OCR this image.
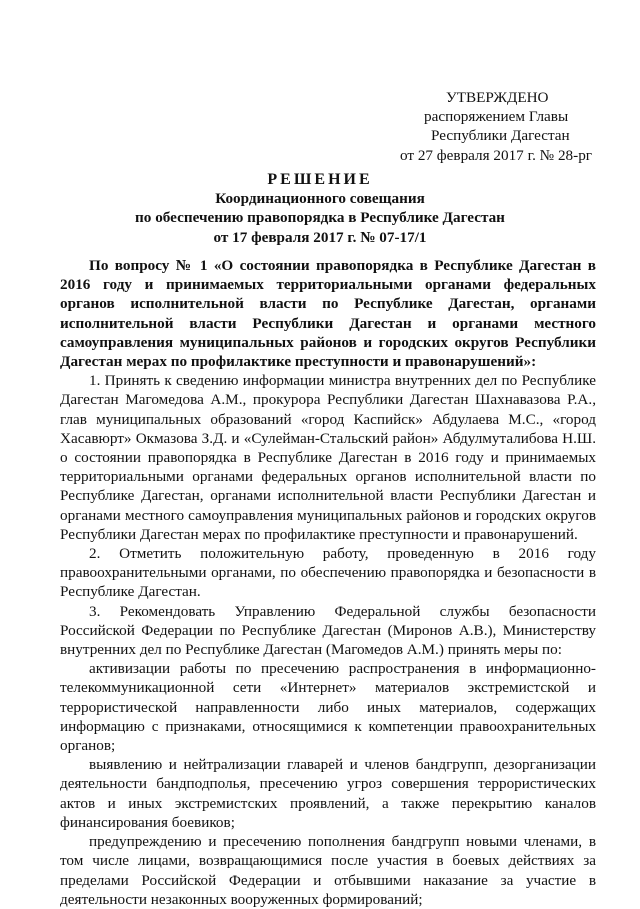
УТВЕРЖДЕНО
распоряжением Главы
Республики Дагестан
от 27 февраля 2017 г. № 28-рг
РЕШЕНИЕ
Координационного совещания
по обеспечению правопорядка в Республике Дагестан
от 17 февраля 2017 г. № 07-17/1

По вопросу № 1 «О состоянии правопорядка в Республике Дагестан в 2016 году и принимаемых территориальными органами федеральных органов исполнительной власти по Республике Дагестан, органами исполнительной власти Республики Дагестан и органами местного самоуправления муниципальных районов и городских округов Республики Дагестан мерах по профилактике преступности и правонарушений»:

1. Принять к сведению информации министра внутренних дел по Республике Дагестан Магомедова А.М., прокурора Республики Дагестан Шахнавазова Р.А., глав муниципальных образований «город Каспийск» Абдулаева М.С., «город Хасавюрт» Окмазова З.Д. и «Сулейман-Стальский район» Абдулмуталибова Н.Ш. о состоянии правопорядка в Республике Дагестан в 2016 году и принимаемых территориальными органами федеральных органов исполнительной власти по Республике Дагестан, органами исполнительной власти Республики Дагестан и органами местного самоуправления муниципальных районов и городских округов Республики Дагестан мерах по профилактике преступности и правонарушений.

2. Отметить положительную работу, проведенную в 2016 году правоохранительными органами, по обеспечению правопорядка и безопасности в Республике Дагестан.

3. Рекомендовать Управлению Федеральной службы безопасности Российской Федерации по Республике Дагестан (Миронов А.В.), Министерству внутренних дел по Республике Дагестан (Магомедов А.М.) принять меры по:

активизации работы по пресечению распространения в информационно-телекоммуникационной сети «Интернет» материалов экстремистской и террористической направленности либо иных материалов, содержащих информацию с признаками, относящимися к компетенции правоохранительных органов;

выявлению и нейтрализации главарей и членов бандгрупп, дезорганизации деятельности бандподполья, пресечению угроз совершения террористических актов и иных экстремистских проявлений, а также перекрытию каналов финансирования боевиков;

предупреждению и пресечению пополнения бандгрупп новыми членами, в том числе лицами, возвращающимися после участия в боевых действиях за пределами Российской Федерации и отбывшими наказание за участие в деятельности незаконных вооруженных формирований;
